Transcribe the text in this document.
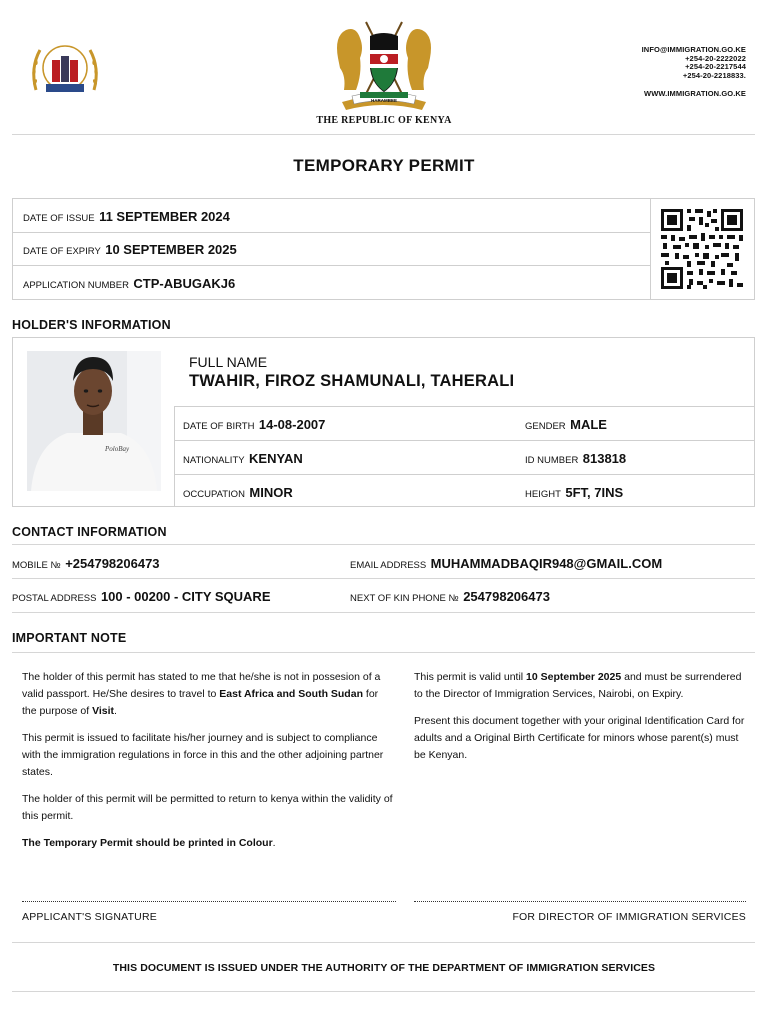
KENYA IMMIGRATION
HARAMBEE
THE REPUBLIC OF KENYA
INFO@IMMIGRATION.GO.KE
+254-20-2222022
+254-20-2217544
+254-20-2218833.
WWW.IMMIGRATION.GO.KE
TEMPORARY PERMIT
DATE OF ISSUE 11 SEPTEMBER 2024
DATE OF EXPIRY 10 SEPTEMBER 2025
APPLICATION NUMBER CTP-ABUGAKJ6
HOLDER'S INFORMATION
PoloBay
FULL NAME
TWAHIR, FIROZ SHAMUNALI, TAHERALI
DATE OF BIRTH 14-08-2007	GENDER MALE
NATIONALITY KENYAN	ID NUMBER 813818
OCCUPATION MINOR	HEIGHT 5FT, 7INS
CONTACT INFORMATION
MOBILE № +254798206473	EMAIL ADDRESS MUHAMMADBAQIR948@GMAIL.COM
POSTAL ADDRESS 100 - 00200 - CITY SQUARE	NEXT OF KIN PHONE № 254798206473
IMPORTANT NOTE

The holder of this permit has stated to me that he/she is not in possesion of a valid passport. He/She desires to travel to East Africa and South Sudan for the purpose of Visit.

This permit is issued to facilitate his/her journey and is subject to compliance with the immigration regulations in force in this and the other adjoining partner states.

The holder of this permit will be permitted to return to kenya within the validity of this permit.

The Temporary Permit should be printed in Colour.

This permit is valid until 10 September 2025 and must be surrendered to the Director of Immigration Services, Nairobi, on Expiry.

Present this document together with your original Identification Card for adults and a Original Birth Certificate for minors whose parent(s) must be Kenyan.

APPLICANT'S SIGNATURE	FOR DIRECTOR OF IMMIGRATION SERVICES
THIS DOCUMENT IS ISSUED UNDER THE AUTHORITY OF THE DEPARTMENT OF IMMIGRATION SERVICES
